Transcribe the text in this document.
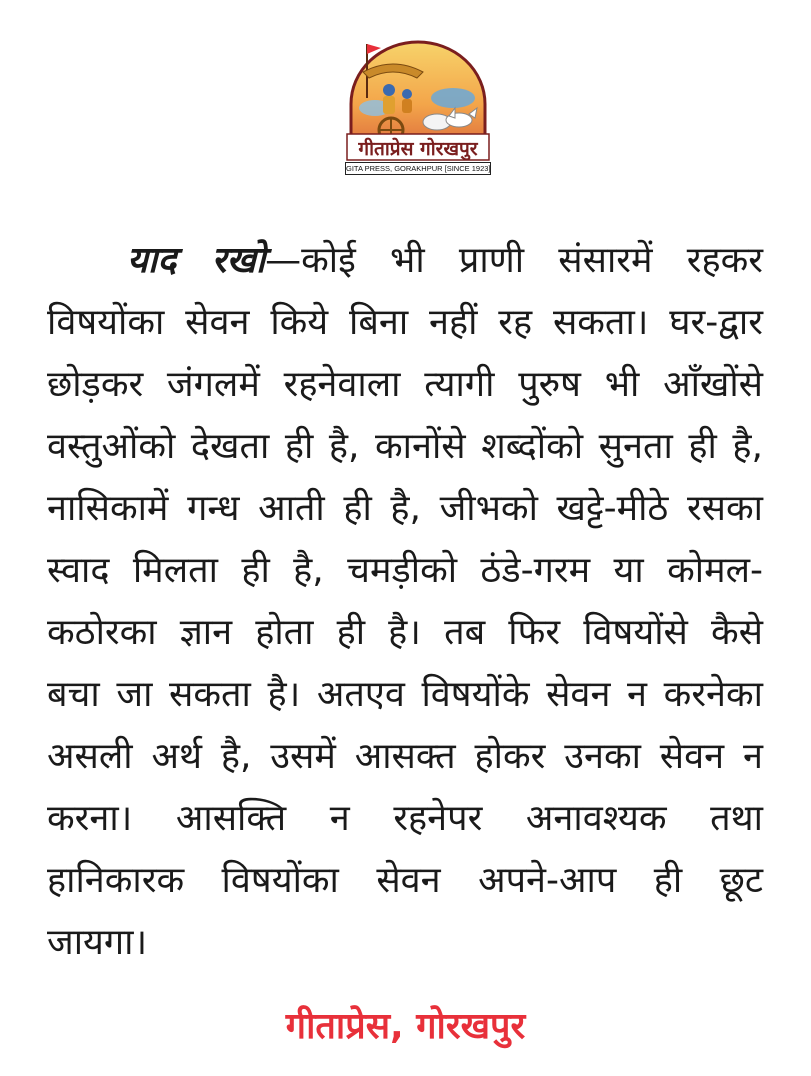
गीताप्रेस गोरखपुर
GITA PRESS, GORAKHPUR [SINCE 1923]
याद रखो—कोई भी प्राणी संसारमें रहकर विषयोंका सेवन किये बिना नहीं रह सकता। घर-द्वार छोड़कर जंगलमें रहनेवाला त्यागी पुरुष भी आँखोंसे वस्तुओंको देखता ही है, कानोंसे शब्दोंको सुनता ही है, नासिकामें गन्ध आती ही है, जीभको खट्टे-मीठे रसका स्वाद मिलता ही है, चमड़ीको ठंडे-गरम या कोमल-कठोरका ज्ञान होता ही है। तब फिर विषयोंसे कैसे बचा जा सकता है। अतएव विषयोंके सेवन न करनेका असली अर्थ है, उसमें आसक्त होकर उनका सेवन न करना। आसक्ति न रहनेपर अनावश्यक तथा हानिकारक विषयोंका सेवन अपने-आप ही छूट जायगा।
गीताप्रेस, गोरखपुर
